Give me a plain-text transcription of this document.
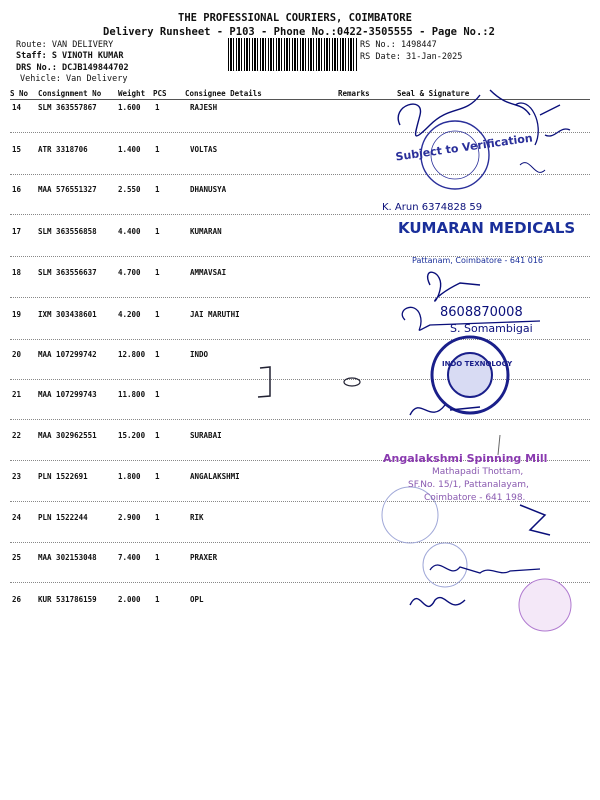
THE PROFESSIONAL COURIERS, COIMBATORE
Delivery Runsheet - P103 - Phone No.:0422-3505555 - Page No.:2
Route: VAN DELIVERY
Staff: S VINOTH KUMAR
DRS No.: DCJB149844702
Vehicle: Van Delivery
RS No.: 1498447
RS Date: 31-Jan-2025
S No Consignment No Weight PCS Consignee Details	Remarks	Seal & Signature
14 SLM 363557867	1.600 1	RAJESH
15 ATR 3318706	1.400 1	VOLTAS
16 MAA 576551327	2.550 1	DHANUSYA
17 SLM 363556858	4.400 1	KUMARAN
18 SLM 363556637	4.700 1	AMMAVSAI
19 IXM 303438601	4.200 1	JAI MARUTHI
20 MAA 107299742	12.800 1	INDO
21 MAA 107299743	11.800 1
22 MAA 302962551	15.200 1	SURABAI
23 PLN 1522691	1.800 1	ANGALAKSHMI
24 PLN 1522244	2.900 1	RIK
25 MAA 302153048	7.400 1	PRAXER
26 KUR 531786159	2.000 1	OPL
Subject to Verification
K. Arun 6374828 59
KUMARAN MEDICALS
Pattanam, Coimbatore - 641 016
8608870008
S. Somambigai
INDO TEXNOLOGY
Angalakshmi Spinning Mill
Mathapadi Thottam,
SF.No. 15/1, Pattanalayam,
Coimbatore - 641 198.
